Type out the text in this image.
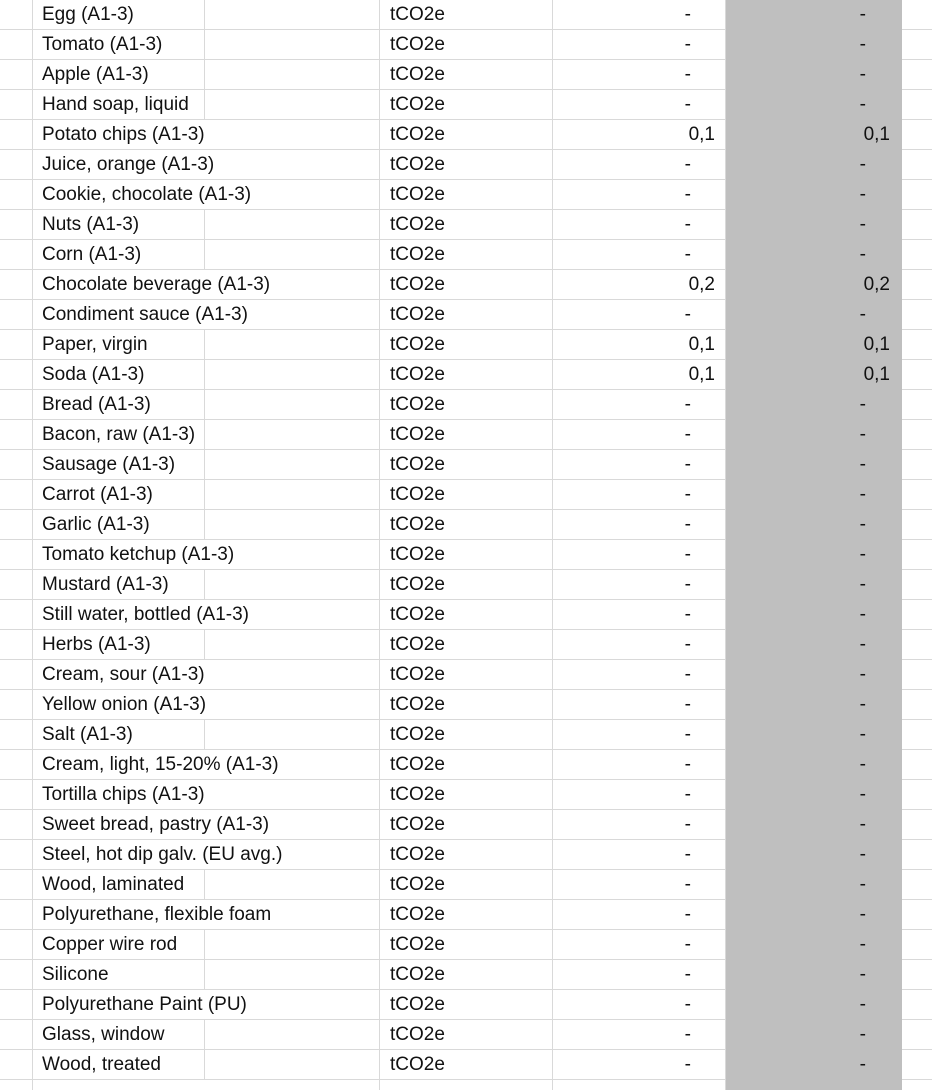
Egg (A1-3)	tCO2e	-	-
Tomato (A1-3)	tCO2e	-	-
Apple (A1-3)	tCO2e	-	-
Hand soap, liquid	tCO2e	-	-
Potato chips (A1-3)	tCO2e	0,1	0,1
Juice, orange (A1-3)	tCO2e	-	-
Cookie, chocolate (A1-3)	tCO2e	-	-
Nuts (A1-3)	tCO2e	-	-
Corn (A1-3)	tCO2e	-	-
Chocolate beverage (A1-3)	tCO2e	0,2	0,2
Condiment sauce (A1-3)	tCO2e	-	-
Paper, virgin	tCO2e	0,1	0,1
Soda (A1-3)	tCO2e	0,1	0,1
Bread (A1-3)	tCO2e	-	-
Bacon, raw (A1-3)	tCO2e	-	-
Sausage (A1-3)	tCO2e	-	-
Carrot (A1-3)	tCO2e	-	-
Garlic (A1-3)	tCO2e	-	-
Tomato ketchup (A1-3)	tCO2e	-	-
Mustard (A1-3)	tCO2e	-	-
Still water, bottled (A1-3)	tCO2e	-	-
Herbs (A1-3)	tCO2e	-	-
Cream, sour (A1-3)	tCO2e	-	-
Yellow onion (A1-3)	tCO2e	-	-
Salt (A1-3)	tCO2e	-	-
Cream, light, 15-20% (A1-3)	tCO2e	-	-
Tortilla chips (A1-3)	tCO2e	-	-
Sweet bread, pastry (A1-3)	tCO2e	-	-
Steel, hot dip galv. (EU avg.)	tCO2e	-	-
Wood, laminated	tCO2e	-	-
Polyurethane, flexible foam	tCO2e	-	-
Copper wire rod	tCO2e	-	-
Silicone	tCO2e	-	-
Polyurethane Paint (PU)	tCO2e	-	-
Glass, window	tCO2e	-	-
Wood, treated	tCO2e	-	-
